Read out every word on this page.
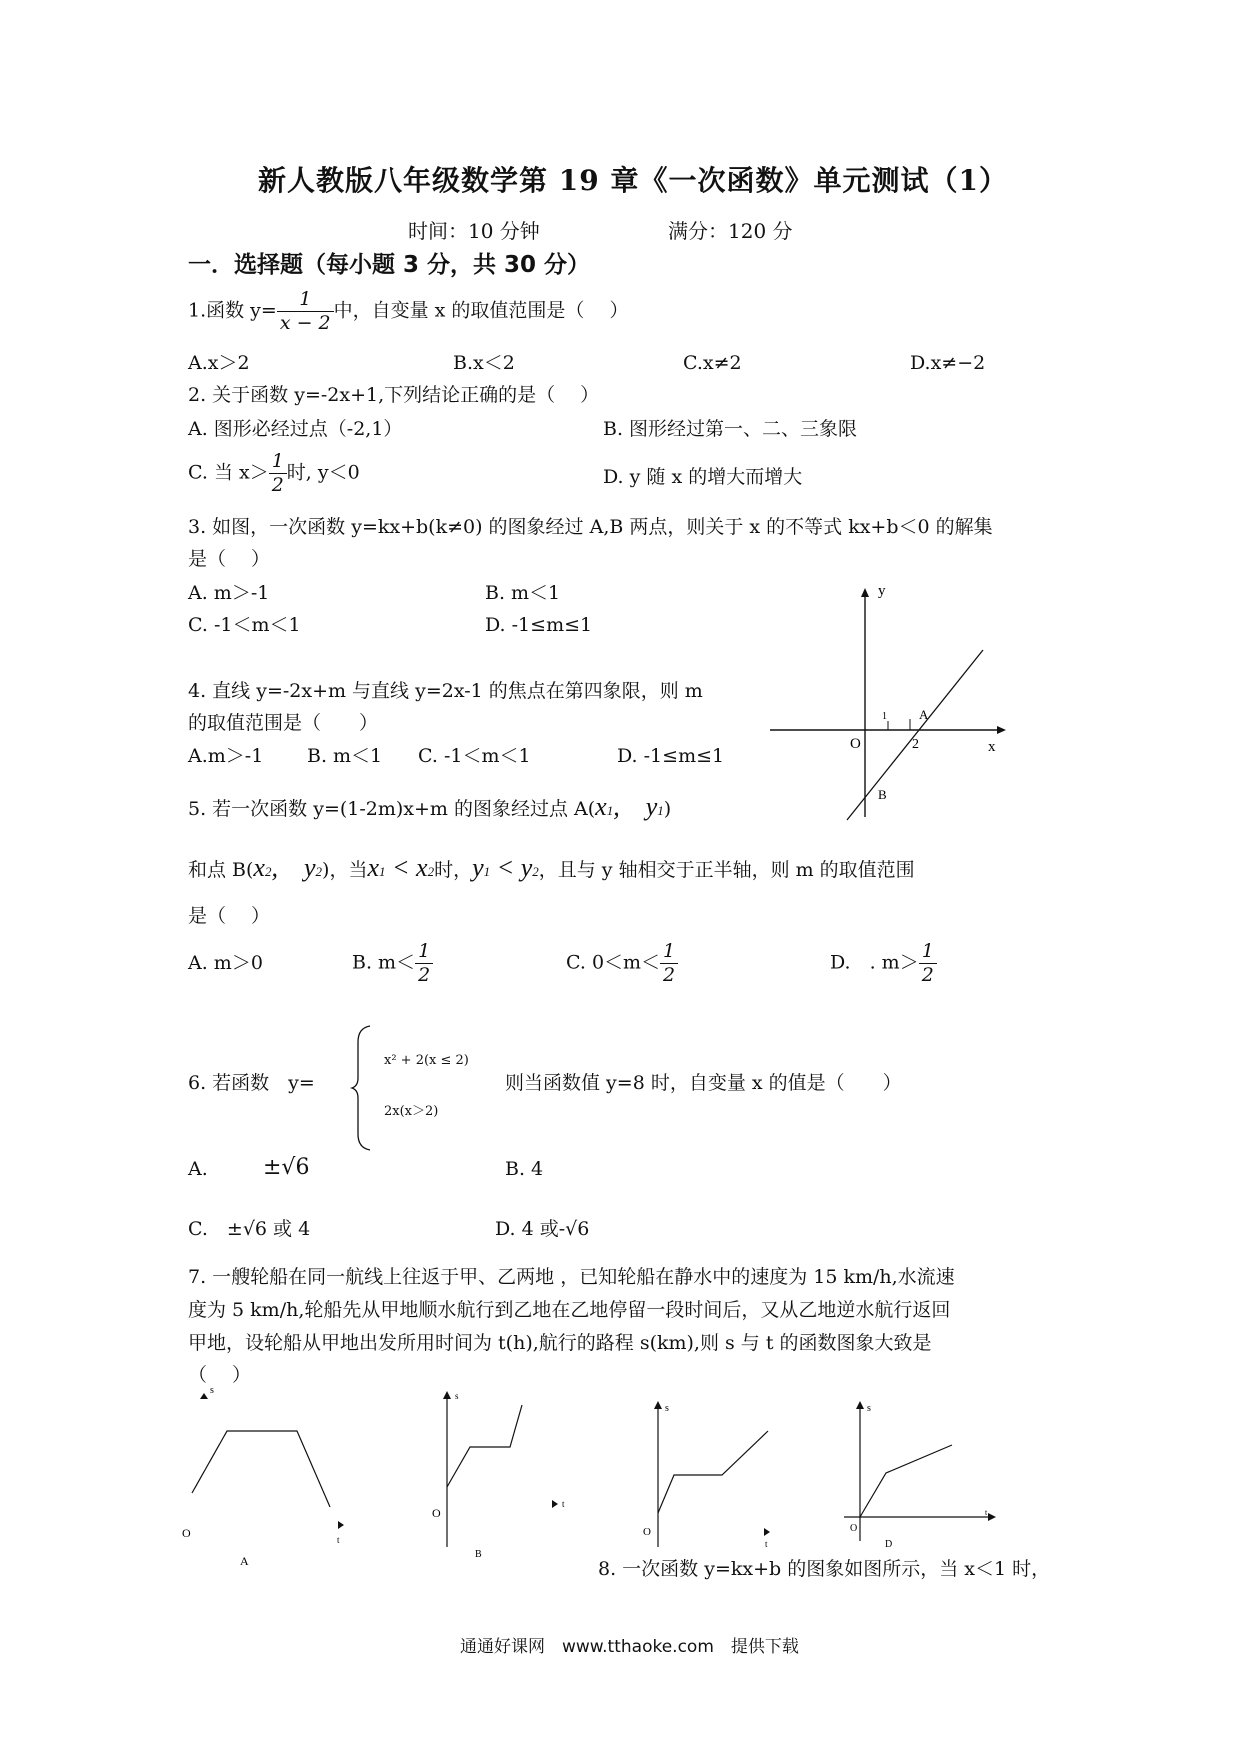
新人教版八年级数学第 19 章《一次函数》单元测试（1）
时间：10 分钟	满分：120 分
一．选择题（每小题 3 分，共 30 分）
1.函数 $y= \frac{1}{x - 2}$ 中，自变量 x 的取值范围是（　 ）
A.x＞2	B.x＜2	C.x≠2	D.x≠−2
2. 关于函数 y=-2x+1,下列结论正确的是（　 ）
A. 图形必经过点（-2,1）	B. 图形经过第一、二、三象限
C. 当 $x> \frac{1}{2}$ 时, y＜0	D. y 随 x 的增大而增大
3. 如图，一次函数 y=kx+b(k≠0) 的图象经过 A,B 两点，则关于 x 的不等式 kx+b＜0 的解集
是（　 ）
A. m＞-1	B. m＜1
C. -1＜m＜1	D. -1≤m≤1
y
x
O	2
1 A
B
4. 直线 y=-2x+m 与直线 y=2x-1 的焦点在第四象限，则 m
的取值范围是（　　）
A.m＞-1 B. m＜1 C. -1＜m＜1	D. -1≤m≤1
5. 若一次函数 y=(1-2m)x+m 的图象经过点 A(x1,　y1)
和点 B(x2,　y2)，当x1 < x2时，y1 < y2，且与 y 轴相交于正半轴，则 m 的取值范围
是（　 ）
A. m＞0	B. $m< \frac{1}{2}$	C. $0<m< \frac{1}{2}$	D.　. $m> \frac{1}{2}$
6. 若函数　y=
x² + 2(x ≤ 2)
2x(x＞2)
则当函数值 y=8 时，自变量 x 的值是（　　）
A.	±√6	B. 4
C.　±√6 或 4	D. 4 或-√6
7. 一艘轮船在同一航线上往返于甲、乙两地 ，已知轮船在静水中的速度为 15 km/h,水流速
度为 5 km/h,轮船先从甲地顺水航行到乙地在乙地停留一段时间后，又从乙地逆水航行返回
甲地，设轮船从甲地出发所用时间为 t(h),航行的路程 s(km),则 s 与 t 的函数图象大致是
（　 ）
s
O	t
A
s
O
t
B
s
O
t
s
t
O
D
8. 一次函数 y=kx+b 的图象如图所示，当 x＜1 时，
通通好课网　www.tthaoke.com　提供下载
